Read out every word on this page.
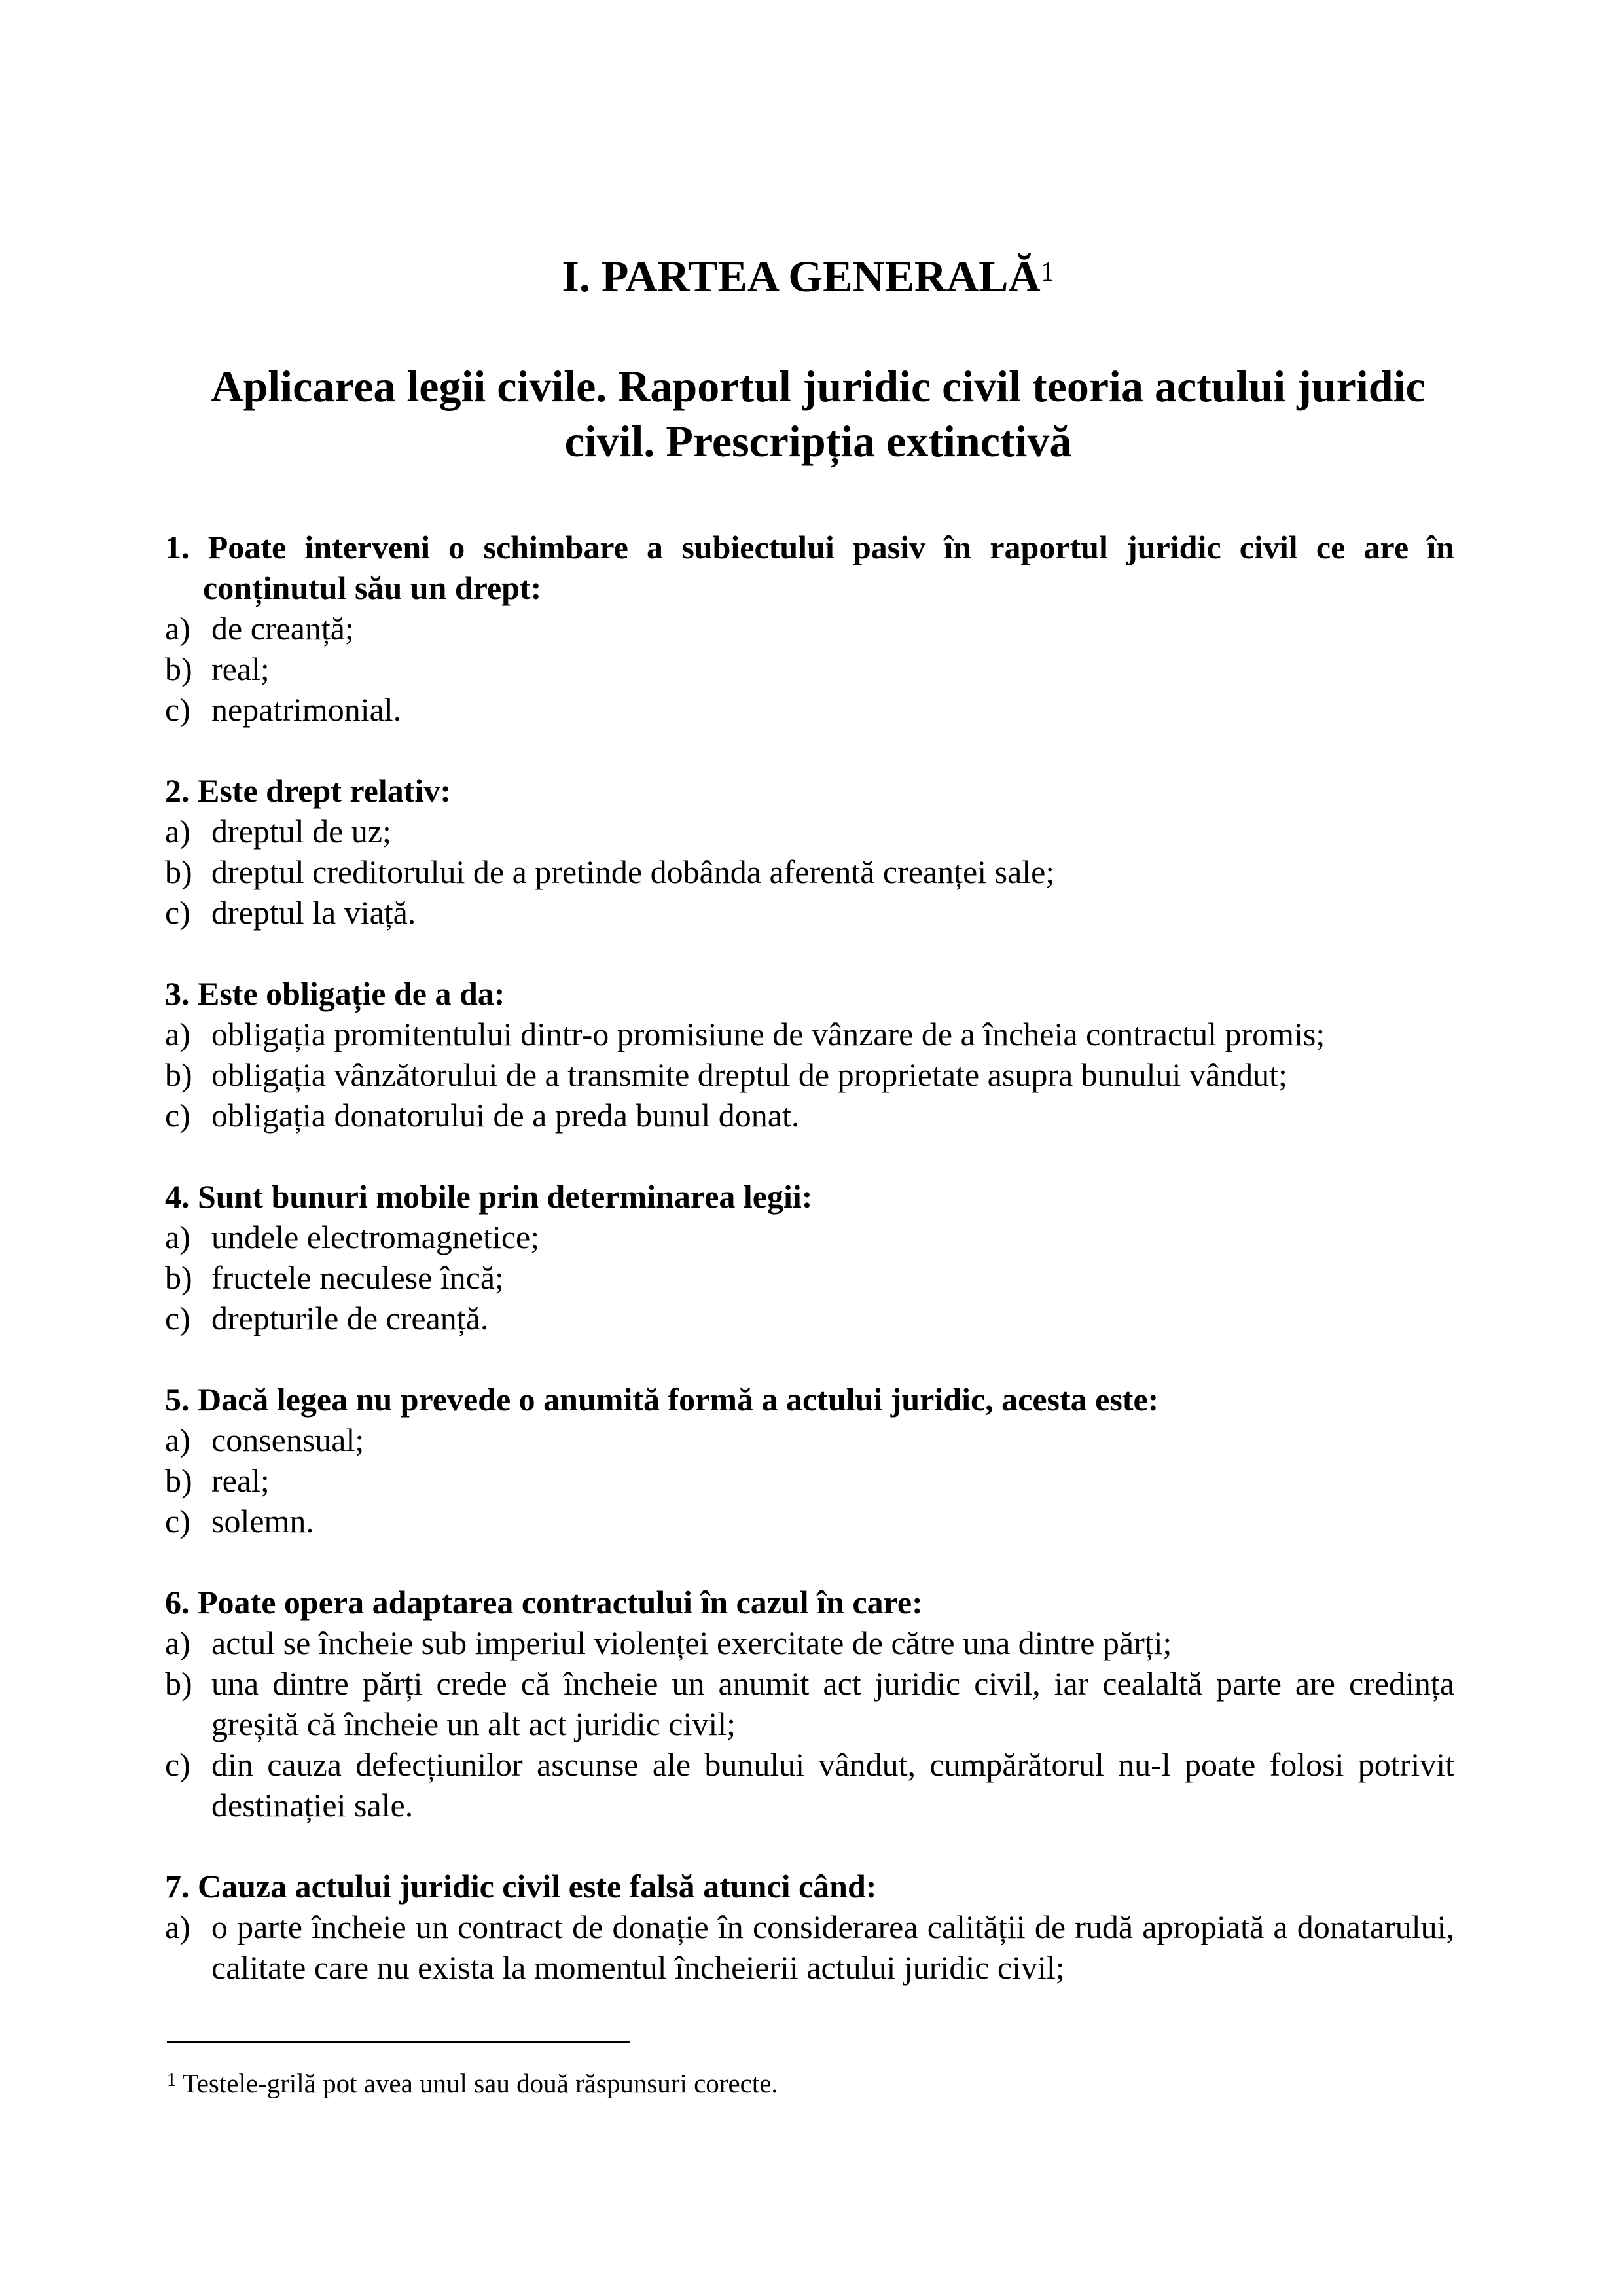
I. PARTEA GENERALĂ$^1$
Aplicarea legii civile. Raportul juridic civil teoria actului juridic civil. Prescripția extinctivă

1. Poate interveni o schimbare a subiectului pasiv în raportul juridic civil ce are în conținutul său un drept:

a) de creanță;

b) real;

c) nepatrimonial.

2. Este drept relativ:

a) dreptul de uz;

b) dreptul creditorului de a pretinde dobânda aferentă creanței sale;

c) dreptul la viață.

3. Este obligație de a da:

a) obligația promitentului dintr-o promisiune de vânzare de a încheia contractul promis;

b) obligația vânzătorului de a transmite dreptul de proprietate asupra bunului vândut;

c) obligația donatorului de a preda bunul donat.

4. Sunt bunuri mobile prin determinarea legii:

a) undele electromagnetice;

b) fructele neculese încă;

c) drepturile de creanță.

5. Dacă legea nu prevede o anumită formă a actului juridic, acesta este:

a) consensual;

b) real;

c) solemn.

6. Poate opera adaptarea contractului în cazul în care:

a) actul se încheie sub imperiul violenței exercitate de către una dintre părți;

b) una dintre părți crede că încheie un anumit act juridic civil, iar cealaltă parte are credința greșită că încheie un alt act juridic civil;

c) din cauza defecțiunilor ascunse ale bunului vândut, cumpărătorul nu-l poate folosi potrivit destinației sale.

7. Cauza actului juridic civil este falsă atunci când:

a) o parte încheie un contract de donație în considerarea calității de rudă apropiată a donatarului, calitate care nu exista la momentul încheierii actului juridic civil;

$^1$ Testele-grilă pot avea unul sau două răspunsuri corecte.
